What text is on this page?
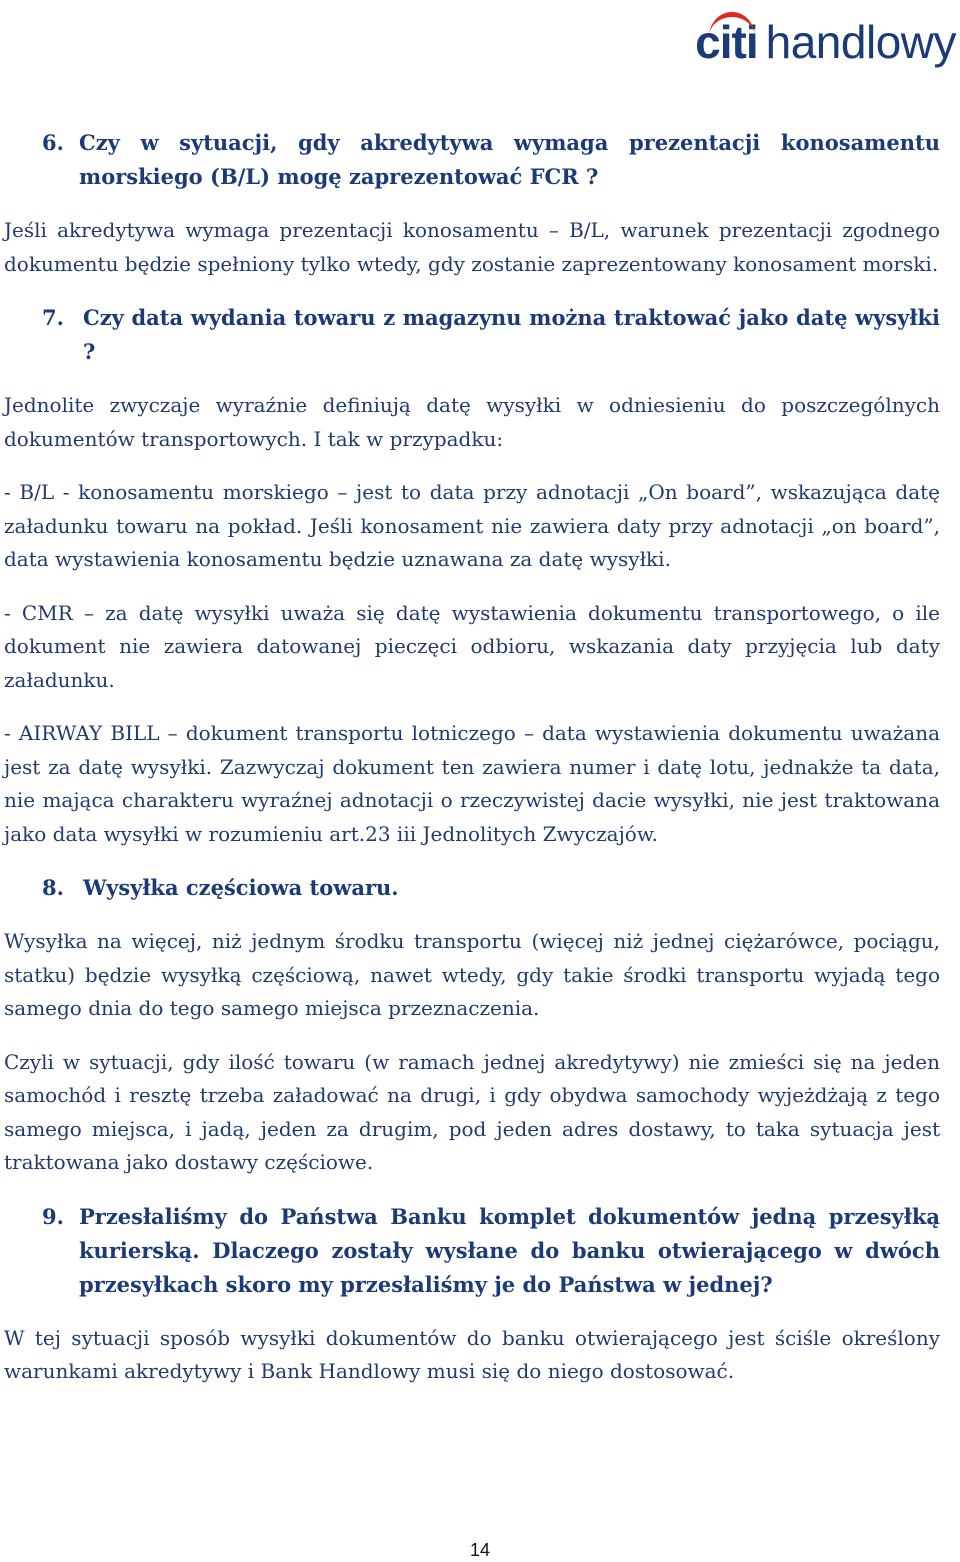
citi handlowy
6. Czy w sytuacji, gdy akredytywa wymaga prezentacji konosamentu morskiego (B/L) mogę zaprezentować FCR ?

Jeśli akredytywa wymaga prezentacji konosamentu – B/L, warunek prezentacji zgodnego dokumentu będzie spełniony tylko wtedy, gdy zostanie zaprezentowany konosament morski.

7. Czy data wydania towaru z magazynu można traktować jako datę wysyłki ?

Jednolite zwyczaje wyraźnie definiują datę wysyłki w odniesieniu do poszczególnych dokumentów transportowych. I tak w przypadku:

- B/L - konosamentu morskiego – jest to data przy adnotacji „On board”, wskazująca datę załadunku towaru na pokład. Jeśli konosament nie zawiera daty przy adnotacji „on board”, data wystawienia konosamentu będzie uznawana za datę wysyłki.

- CMR – za datę wysyłki uważa się datę wystawienia dokumentu transportowego, o ile dokument nie zawiera datowanej pieczęci odbioru, wskazania daty przyjęcia lub daty załadunku.

- AIRWAY BILL – dokument transportu lotniczego – data wystawienia dokumentu uważana jest za datę wysyłki. Zazwyczaj dokument ten zawiera numer i datę lotu, jednakże ta data, nie mająca charakteru wyraźnej adnotacji o rzeczywistej dacie wysyłki, nie jest traktowana jako data wysyłki w rozumieniu art.23 iii Jednolitych Zwyczajów.

8. Wysyłka częściowa towaru.

Wysyłka na więcej, niż jednym środku transportu (więcej niż jednej ciężarówce, pociągu, statku) będzie wysyłką częściową, nawet wtedy, gdy takie środki transportu wyjadą tego samego dnia do tego samego miejsca przeznaczenia.

Czyli w sytuacji, gdy ilość towaru (w ramach jednej akredytywy) nie zmieści się na jeden samochód i resztę trzeba załadować na drugi, i gdy obydwa samochody wyjeżdżają z tego samego miejsca, i jadą, jeden za drugim, pod jeden adres dostawy, to taka sytuacja jest traktowana jako dostawy częściowe.

9. Przesłaliśmy do Państwa Banku komplet dokumentów jedną przesyłką kurierską. Dlaczego zostały wysłane do banku otwierającego w dwóch przesyłkach skoro my przesłaliśmy je do Państwa w jednej?

W tej sytuacji sposób wysyłki dokumentów do banku otwierającego jest ściśle określony warunkami akredytywy i Bank Handlowy musi się do niego dostosować.

14
